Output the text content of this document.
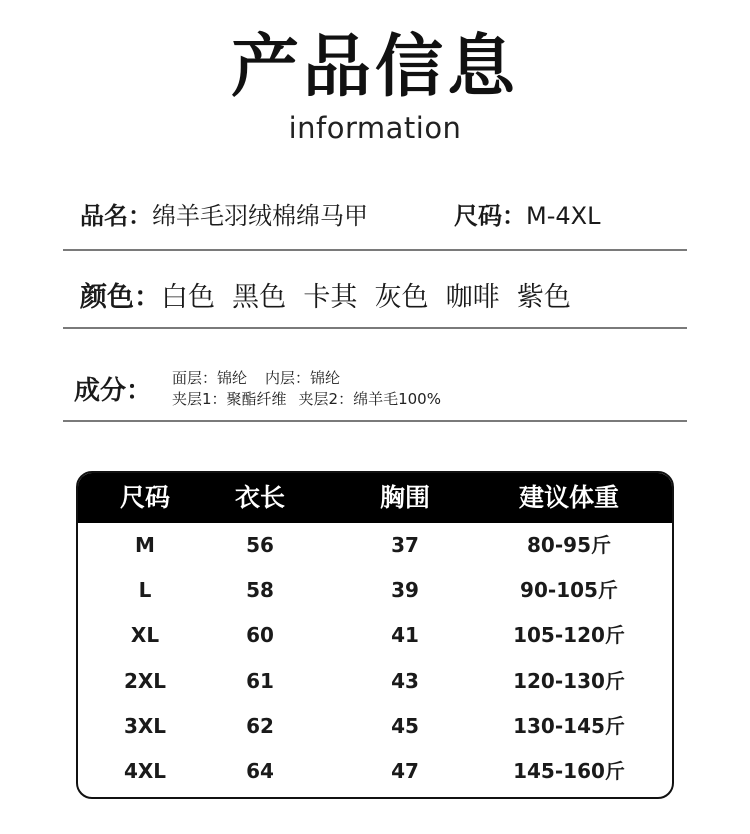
产品信息
information
品名：绵羊毛羽绒棉绵马甲	尺码：M-4XL
颜色：白色  黑色  卡其  灰色  咖啡  紫色
成分： 面层：锦纶 内层：锦纶
夹层1：聚酯纤维 夹层2：绵羊毛100%
尺码	衣长	胸围	建议体重
M	56	37	80-95斤
L	58	39	90-105斤
XL	60	41	105-120斤
2XL	61	43	120-130斤
3XL	62	45	130-145斤
4XL	64	47	145-160斤
